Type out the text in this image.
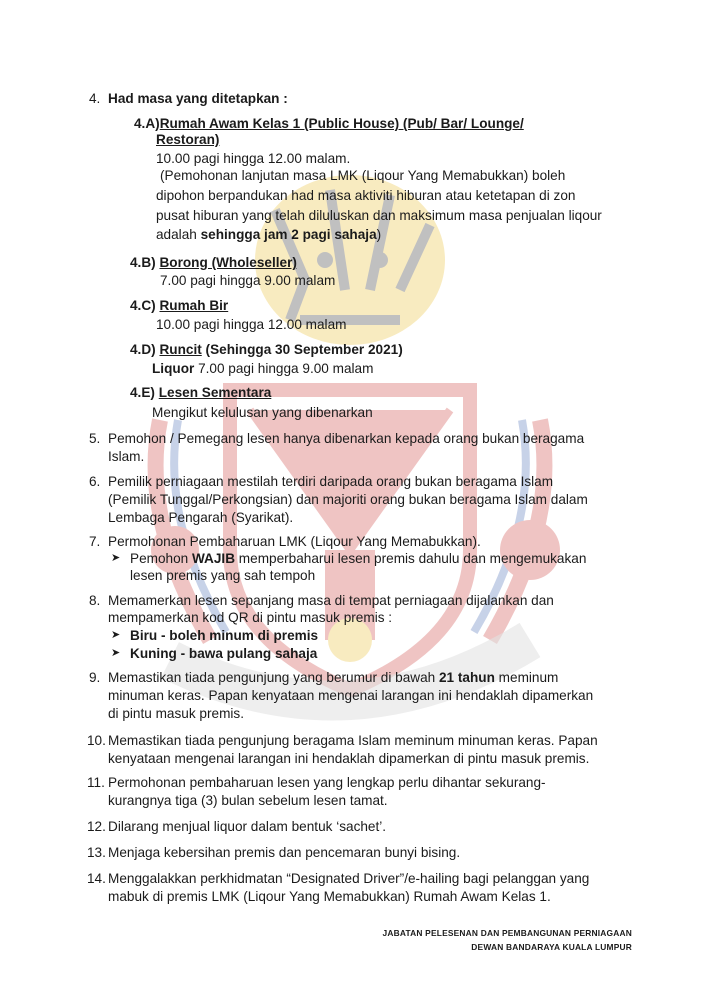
4. Had masa yang ditetapkan :
4.A)Rumah Awam Kelas 1 (Public House) (Pub/ Bar/ Lounge/
Restoran)
10.00 pagi hingga 12.00 malam.
(Pemohonan lanjutan masa LMK (Liqour Yang Memabukkan) boleh
dipohon berpandukan had masa aktiviti hiburan atau ketetapan di zon
pusat hiburan yang telah diluluskan dan maksimum masa penjualan liqour
adalah sehingga jam 2 pagi sahaja)
4.B) Borong (Wholeseller)
7.00 pagi hingga 9.00 malam
4.C) Rumah Bir
10.00 pagi hingga 12.00 malam
4.D) Runcit (Sehingga 30 September 2021)
Liquor 7.00 pagi hingga 9.00 malam
4.E) Lesen Sementara
Mengikut kelulusan yang dibenarkan
5. Pemohon / Pemegang lesen hanya dibenarkan kepada orang bukan beragama
Islam.
6. Pemilik perniagaan mestilah terdiri daripada orang bukan beragama Islam
(Pemilik Tunggal/Perkongsian) dan majoriti orang bukan beragama Islam dalam
Lembaga Pengarah (Syarikat).
7. Permohonan Pembaharuan LMK (Liqour Yang Memabukkan).
➤ Pemohon WAJIB memperbaharui lesen premis dahulu dan mengemukakan
lesen premis yang sah tempoh
8. Memamerkan lesen sepanjang masa di tempat perniagaan dijalankan dan
mempamerkan kod QR di pintu masuk premis :
➤ Biru - boleh minum di premis
➤ Kuning - bawa pulang sahaja
9. Memastikan tiada pengunjung yang berumur di bawah 21 tahun meminum
minuman keras. Papan kenyataan mengenai larangan ini hendaklah dipamerkan
di pintu masuk premis.
10. Memastikan tiada pengunjung beragama Islam meminum minuman keras. Papan
kenyataan mengenai larangan ini hendaklah dipamerkan di pintu masuk premis.
11. Permohonan pembaharuan lesen yang lengkap perlu dihantar sekurang-
kurangnya tiga (3) bulan sebelum lesen tamat.
12. Dilarang menjual liquor dalam bentuk ‘sachet’.
13. Menjaga kebersihan premis dan pencemaran bunyi bising.
14. Menggalakkan perkhidmatan “Designated Driver”/e-hailing bagi pelanggan yang
mabuk di premis LMK (Liqour Yang Memabukkan) Rumah Awam Kelas 1.
JABATAN PELESENAN DAN PEMBANGUNAN PERNIAGAAN
DEWAN BANDARAYA KUALA LUMPUR
